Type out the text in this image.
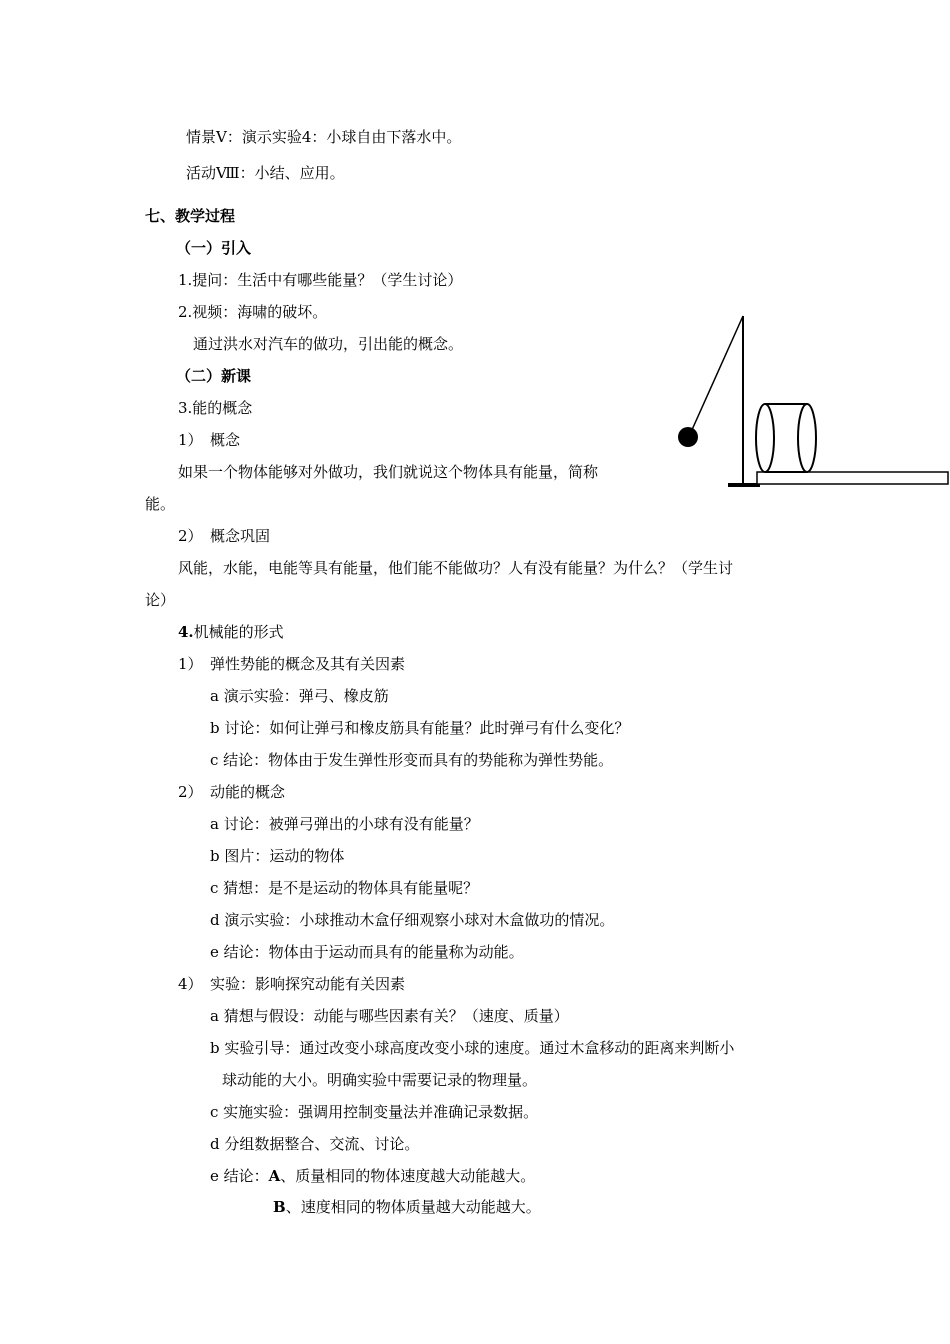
情景Ⅴ：演示实验4：小球自由下落水中。
活动Ⅷ：小结、应用。
七、教学过程
（一）引入
1.提问：生活中有哪些能量？（学生讨论）
2.视频：海啸的破坏。
通过洪水对汽车的做功，引出能的概念。
（二）新课
3.能的概念
1）　概念
如果一个物体能够对外做功，我们就说这个物体具有能量，简称
能。
2）　概念巩固
风能，水能，电能等具有能量，他们能不能做功？人有没有能量？为什么？（学生讨
论）
4.机械能的形式
1）　弹性势能的概念及其有关因素
a 演示实验：弹弓、橡皮筋
b 讨论：如何让弹弓和橡皮筋具有能量？此时弹弓有什么变化？
c 结论：物体由于发生弹性形变而具有的势能称为弹性势能。
2）　动能的概念
a 讨论：被弹弓弹出的小球有没有能量？
b 图片：运动的物体
c 猜想：是不是运动的物体具有能量呢？
d 演示实验：小球推动木盒仔细观察小球对木盒做功的情况。
e 结论：物体由于运动而具有的能量称为动能。
4）　实验：影响探究动能有关因素
a 猜想与假设：动能与哪些因素有关？（速度、质量）
b 实验引导：通过改变小球高度改变小球的速度。通过木盒移动的距离来判断小
球动能的大小。明确实验中需要记录的物理量。
c 实施实验：强调用控制变量法并准确记录数据。
d 分组数据整合、交流、讨论。
e 结论：A、质量相同的物体速度越大动能越大。
B、速度相同的物体质量越大动能越大。
